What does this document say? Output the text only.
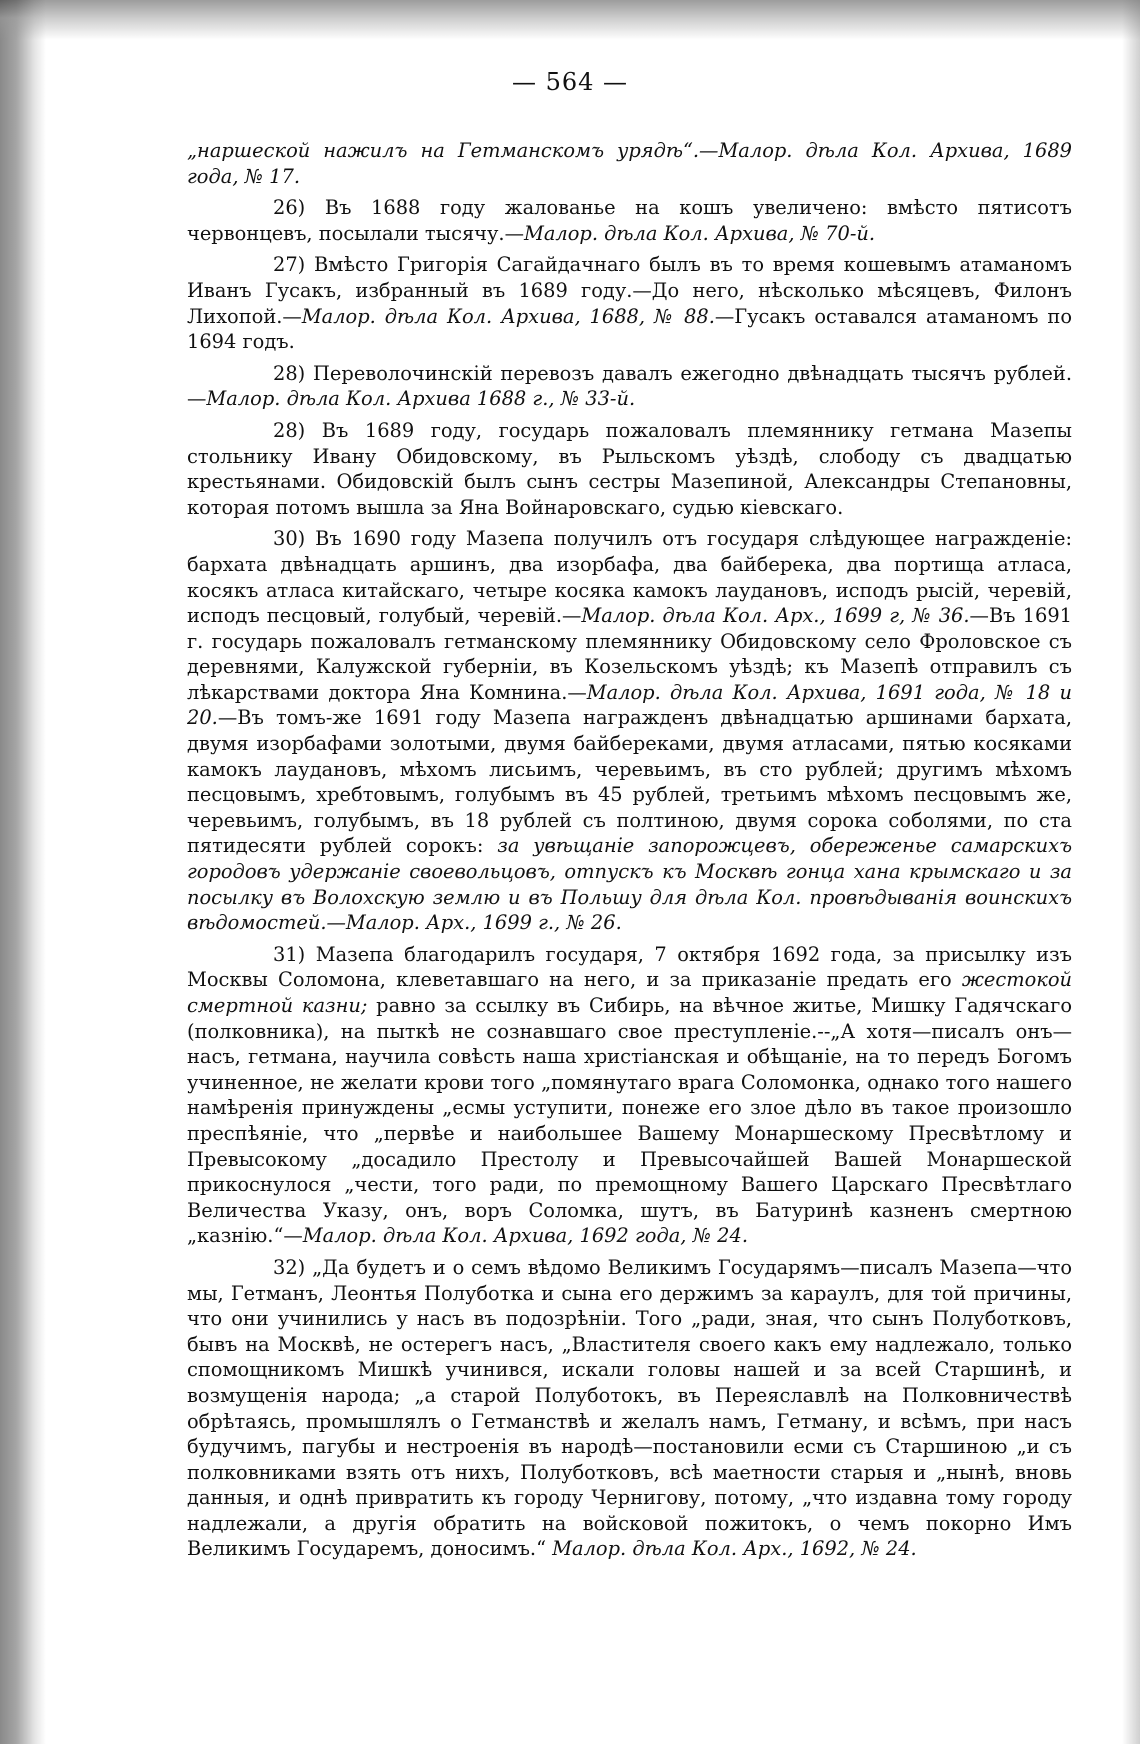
— 564 —

„наршеской нажилъ на Гетманскомъ урядѣ“.—Малор. дѣла Кол. Архива, 1689 года, № 17.

26) Въ 1688 году жалованье на кошъ увеличено: вмѣсто пятисотъ червонцевъ, посылали тысячу.—Малор. дѣла Кол. Архива, № 70-й.

27) Вмѣсто Григорія Сагайдачнаго былъ въ то время кошевымъ атаманомъ Иванъ Гусакъ, избранный въ 1689 году.—До него, нѣсколько мѣсяцевъ, Филонъ Лихопой.—Малор. дѣла Кол. Архива, 1688, № 88.—Гусакъ оставался атаманомъ по 1694 годъ.

28) Переволочинскій перевозъ давалъ ежегодно двѣнадцать тысячъ рублей.—Малор. дѣла Кол. Архива 1688 г., № 33-й.

28) Въ 1689 году, государь пожаловалъ племяннику гетмана Мазепы стольнику Ивану Обидовскому, въ Рыльскомъ уѣздѣ, слободу съ двадцатью крестьянами. Обидовскій былъ сынъ сестры Мазепиной, Александры Степановны, которая потомъ вышла за Яна Войнаровскаго, судью кіевскаго.

30) Въ 1690 году Мазепа получилъ отъ государя слѣдующее награжденіе: бархата двѣнадцать аршинъ, два изорбафа, два байберека, два портища атласа, косякъ атласа китайскаго, четыре косяка камокъ лаудановъ, исподъ рысій, черевій, исподъ песцовый, голубый, черевій.—Малор. дѣла Кол. Арх., 1699 г, № 36.—Въ 1691 г. государь пожаловалъ гетманскому племяннику Обидовскому село Фроловское съ деревнями, Калужской губерніи, въ Козельскомъ уѣздѣ; къ Мазепѣ отправилъ съ лѣкарствами доктора Яна Комнина.—Малор. дѣла Кол. Архива, 1691 года, № 18 и 20.—Въ томъ-же 1691 году Мазепа награжденъ двѣнадцатью аршинами бархата, двумя изорбафами золотыми, двумя байбереками, двумя атласами, пятью косяками камокъ лаудановъ, мѣхомъ лисьимъ, черевьимъ, въ сто рублей; другимъ мѣхомъ песцовымъ, хребтовымъ, голубымъ въ 45 рублей, третьимъ мѣхомъ песцовымъ же, черевьимъ, голубымъ, въ 18 рублей съ полтиною, двумя сорока соболями, по ста пятидесяти рублей сорокъ: за увѣщаніе запорожцевъ, обереженье самарскихъ городовъ удержаніе своевольцовъ, отпускъ къ Москвѣ гонца хана крымскаго и за посылку въ Волохскую землю и въ Польшу для дѣла Кол. провѣдыванія воинскихъ вѣдомостей.—Малор. Арх., 1699 г., № 26.

31) Мазепа благодарилъ государя, 7 октября 1692 года, за присылку изъ Москвы Соломона, клеветавшаго на него, и за приказаніе предать его жестокой смертной казни; равно за ссылку въ Сибирь, на вѣчное житье, Мишку Гадячскаго (полковника), на пыткѣ не сознавшаго свое преступленіе.--„А хотя—писалъ онъ—насъ, гетмана, научила совѣсть наша христіанская и обѣщаніе, на то передъ Богомъ учиненное, не желати крови того „помянутаго врага Соломонка, однако того нашего намѣренія принуждены „есмы уступити, понеже его злое дѣло въ такое произошло преспѣяніе, что „первѣе и наибольшее Вашему Монаршескому Пресвѣтлому и Превысокому „досадило Престолу и Превысочайшей Вашей Монаршеской прикоснулося „чести, того ради, по премощному Вашего Царскаго Пресвѣтлаго Величества Указу, онъ, воръ Соломка, шутъ, въ Батуринѣ казненъ смертною „казнію.“—Малор. дѣла Кол. Архива, 1692 года, № 24.

32) „Да будетъ и о семъ вѣдомо Великимъ Государямъ—писалъ Мазепа—что мы, Гетманъ, Леонтья Полуботка и сына его держимъ за караулъ, для той причины, что они учинились у насъ въ подозрѣніи. Того „ради, зная, что сынъ Полуботковъ, бывъ на Москвѣ, не остерегъ насъ, „Властителя своего какъ ему надлежало, только спомощникомъ Мишкѣ учинився, искали головы нашей и за всей Старшинѣ, и возмущенія народа; „а старой Полуботокъ, въ Переяславлѣ на Полковничествѣ обрѣтаясь, промышлялъ о Гетманствѣ и желалъ намъ, Гетману, и всѣмъ, при насъ будучимъ, пагубы и нестроенія въ народѣ—постановили есми съ Старшиною „и съ полковниками взять отъ нихъ, Полуботковъ, всѣ маетности старыя и „нынѣ, вновь данныя, и однѣ привратить къ городу Чернигову, потому, „что издавна тому городу надлежали, а другія обратить на войсковой пожитокъ, о чемъ покорно Имъ Великимъ Государемъ, доносимъ.“ Малор. дѣла Кол. Арх., 1692, № 24.
